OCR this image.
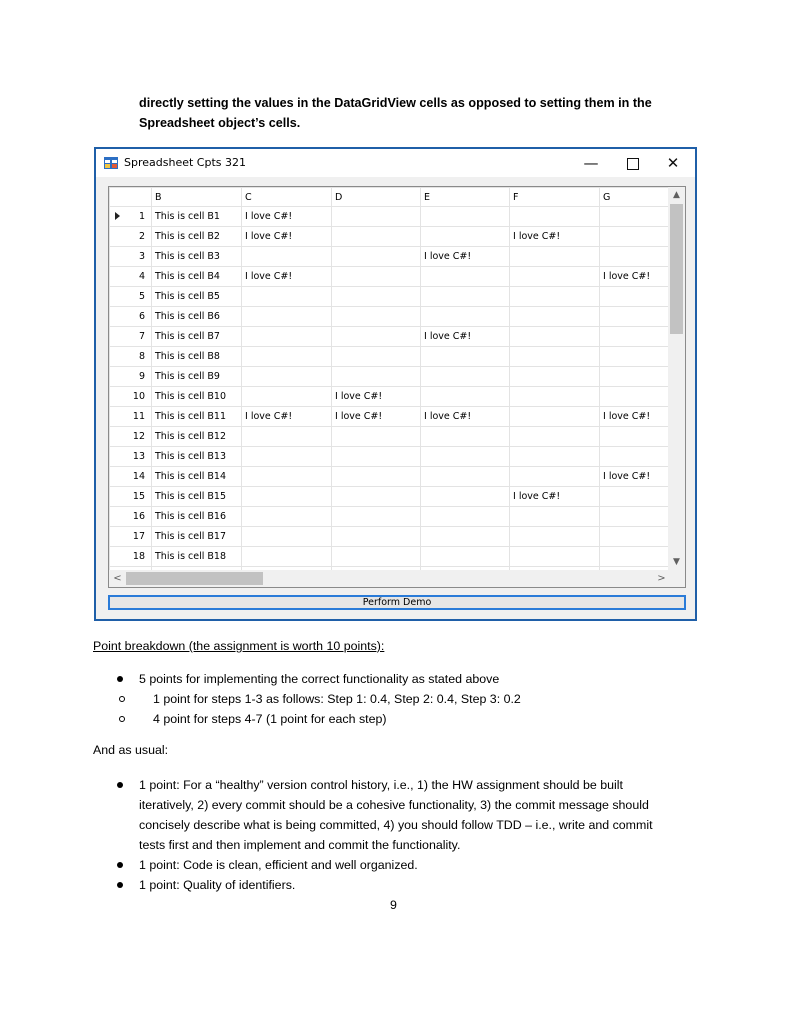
directly setting the values in the DataGridView cells as opposed to setting them in the

Spreadsheet object’s cells.

Spreadsheet Cpts 321	—	✕
	B	C	D	E	F	G

1	This is cell B1	I love C#!				

2	This is cell B2	I love C#!			I love C#!	

3	This is cell B3			I love C#!		

4	This is cell B4	I love C#!				I love C#!

5	This is cell B5					

6	This is cell B6					

7	This is cell B7			I love C#!		

8	This is cell B8					

9	This is cell B9					

10	This is cell B10		I love C#!			

11	This is cell B11	I love C#!	I love C#!	I love C#!		I love C#!

12	This is cell B12					

13	This is cell B13					

14	This is cell B14					I love C#!

15	This is cell B15				I love C#!	

16	This is cell B16					

17	This is cell B17					

18	This is cell B18					

▲
▼
<	>
Perform Demo
Point breakdown (the assignment is worth 10 points):
5 points for implementing the correct functionality as stated above
1 point for steps 1-3 as follows: Step 1: 0.4, Step 2: 0.4, Step 3: 0.2
4 point for steps 4-7 (1 point for each step)
And as usual:
1 point: For a “healthy” version control history, i.e., 1) the HW assignment should be built
iteratively, 2) every commit should be a cohesive functionality, 3) the commit message should
concisely describe what is being committed, 4) you should follow TDD – i.e., write and commit
tests first and then implement and commit the functionality.
1 point: Code is clean, efficient and well organized.
1 point: Quality of identifiers.
9
